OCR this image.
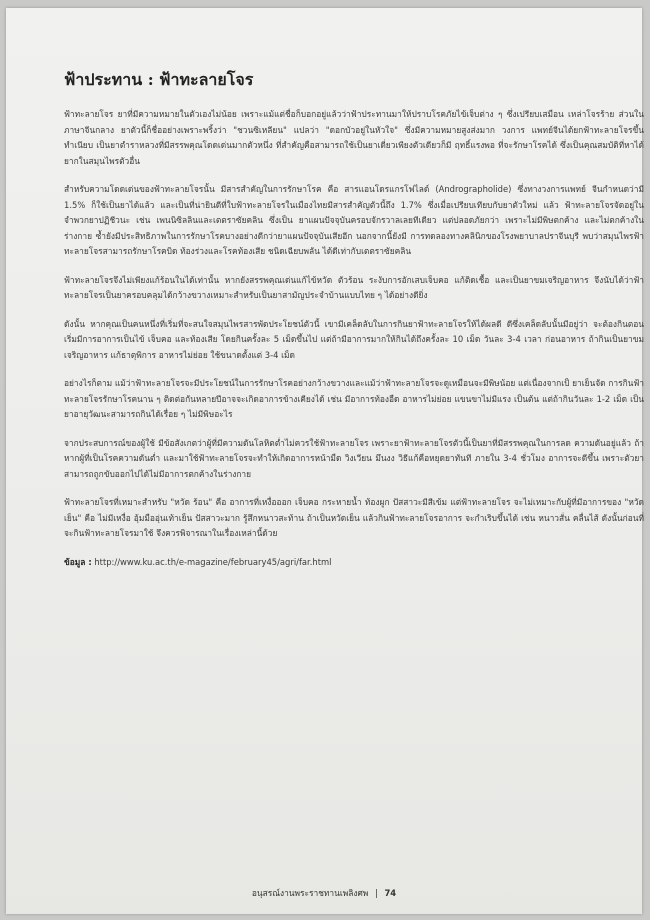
ฟ้าประทาน : ฟ้าทะลายโจร

ฟ้าทะลายโจร ยาที่มีความหมายในตัวเองไม่น้อย เพราะแม้แต่ชื่อก็บอกอยู่แล้วว่าฟ้าประทานมาให้ปราบโรคภัยไข้เจ็บต่าง ๆ ซึ่งเปรียบเสมือน เหล่าโจรร้าย ส่วนในภาษาจีนกลาง ยาตัวนี้ก็ชื่ออย่างเพราะพริ้งว่า "ชวนซิเหลียน" แปลว่า "ดอกบัวอยู่ในหัวใจ" ซึ่งมีความหมายสูงส่งมาก วงการ แพทย์จีนได้ยกฟ้าทะลายโจรขึ้นทำเนียบ เป็นยาตำราหลวงที่มีสรรพคุณโดดเด่นมากตัวหนึ่ง ที่สำคัญคือสามารถใช้เป็นยาเดี่ยวเพียงตัวเดียวก็มี ฤทธิ์แรงพอ ที่จะรักษาโรคได้ ซึ่งเป็นคุณสมบัติที่หาได้ยากในสมุนไพรตัวอื่น

สำหรับความโดดเด่นของฟ้าทะลายโจรนั้น มีสารสำคัญในการรักษาโรค คือ สารแอนโดรแกรโฟไลด์ (Andrographolide) ซึ่งทางวงการแพทย์ จีนกำหนดว่ามี 1.5% ก็ใช้เป็นยาได้แล้ว และเป็นที่น่ายินดีที่ใบฟ้าทะลายโจรในเมืองไทยมีสารสำคัญตัวนี้ถึง 1.7% ซึ่งเมื่อเปรียบเทียบกับยาตัวใหม่ แล้ว ฟ้าทะลายโจรจัดอยู่ในจำพวกยาปฏิชีวนะ เช่น เพนนิซิลลินและเตตราซัยคลิน ซึ่งเป็น ยาแผนปัจจุบันครอบจักรวาลเลยทีเดียว แต่ปลอดภัยกว่า เพราะไม่มีพิษตกค้าง และไม่ตกค้างในร่างกาย ซ้ำยังมีประสิทธิภาพในการรักษาโรคบางอย่างดีกว่ายาแผนปัจจุบันเสียอีก นอกจากนี้ยังมี การทดลองทางคลินิกของโรงพยาบาลปราจีนบุรี พบว่าสมุนไพรฟ้าทะลายโจรสามารถรักษาโรคบิด ท้องร่วงและโรคท้องเสีย ชนิดเฉียบพลัน ได้ดีเท่ากับเตตราซัยคลิน

ฟ้าทะลายโจรจึงไม่เพียงแก้ร้อนในได้เท่านั้น หากยังสรรพคุณเด่นแก้ไข้หวัด ตัวร้อน ระงับการอักเสบเจ็บคอ แก้ติดเชื้อ และเป็นยาขมเจริญอาหาร จึงนับได้ว่าฟ้าทะลายโจรเป็นยาครอบคลุมได้กว้างขวางเหมาะสำหรับเป็นยาสามัญประจำบ้านแบบไทย ๆ ได้อย่างดียิ่ง

ดังนั้น หากคุณเป็นคนหนึ่งที่เริ่มที่จะสนใจสมุนไพรสารพัดประโยชน์ตัวนี้ เขามีเคล็ดลับในการกินยาฟ้าทะลายโจรให้ได้ผลดี ดีซึ่งเคล็ดลับนั้นมีอยู่ว่า จะต้องกินตอนเริ่มมีการอาการเป็นไข้ เจ็บคอ และท้องเสีย โดยกินครั้งละ 5 เม็ดขึ้นไป แต่ถ้ามีอาการมากให้กินได้ถึงครั้งละ 10 เม็ด วันละ 3-4 เวลา ก่อนอาหาร ถ้ากินเป็นยาขมเจริญอาหาร แก้ธาตุพิการ อาหารไม่ย่อย ใช้ขนาดตั้งแต่ 3-4 เม็ด

อย่างไรก็ตาม แม้ว่าฟ้าทะลายโจรจะมีประโยชน์ในการรักษาโรคอย่างกว้างขวางและแม้ว่าฟ้าทะลายโจรจะดูเหมือนจะมีพิษน้อย แต่เนื่องจากเป็ ยาเย็นจัด การกินฟ้าทะลายโจรรักษาโรคนาน ๆ ติดต่อกันหลายปีอาจจะเกิดอาการข้างเคียงได้ เช่น มีอาการท้องอืด อาหารไม่ย่อย แขนขาไม่มีแรง เป็นต้น แต่ถ้ากินวันละ 1-2 เม็ด เป็นยาอายุวัฒนะสามารถกินได้เรื่อย ๆ ไม่มีพิษอะไร

จากประสบการณ์ของผู้ใช้ มีข้อสังเกตว่าผู้ที่มีความดันโลหิตต่ำไม่ควรใช้ฟ้าทะลายโจร เพราะยาฟ้าทะลายโจรตัวนี้เป็นยาที่มีสรรพคุณในการลด ความดันอยู่แล้ว ถ้าหากผู้ที่เป็นโรคความดันต่ำ และมาใช้ฟ้าทะลายโจรจะทำให้เกิดอาการหน้ามืด วิงเวียน มึนงง วิธีแก้คือหยุดยาทันที ภายใน 3-4 ชั่วโมง อาการจะดีขึ้น เพราะตัวยาสามารถถูกขับออกไปได้ไม่มีอาการตกค้างในร่างกาย

ฟ้าทะลายโจรที่เหมาะสำหรับ "หวัด ร้อน" คือ อาการที่เหงื่อออก เจ็บคอ กระหายน้ำ ท้องผูก ปัสสาวะมีสีเข้ม แต่ฟ้าทะลายโจร จะไม่เหมาะกับผู้ที่มีอาการของ "หวัดเย็น" คือ ไม่มีเหงื่อ อุ้มมืออุ่นเท้าเย็น ปัสสาวะมาก รู้สึกหนาวสะท้าน ถ้าเป็นหวัดเย็น แล้วกินฟ้าทะลายโจรอาการ จะกำเริบขึ้นได้ เช่น หนาวสั่น คลื่นไส้ ดังนั้นก่อนที่จะกินฟ้าทะลายโจรมาใช้ จึงควรพิจารณาในเรื่องเหล่านี้ด้วย

ข้อมูล : http://www.ku.ac.th/e-magazine/february45/agri/far.html
อนุสรณ์งานพระราชทานเพลิงศพ | 74
